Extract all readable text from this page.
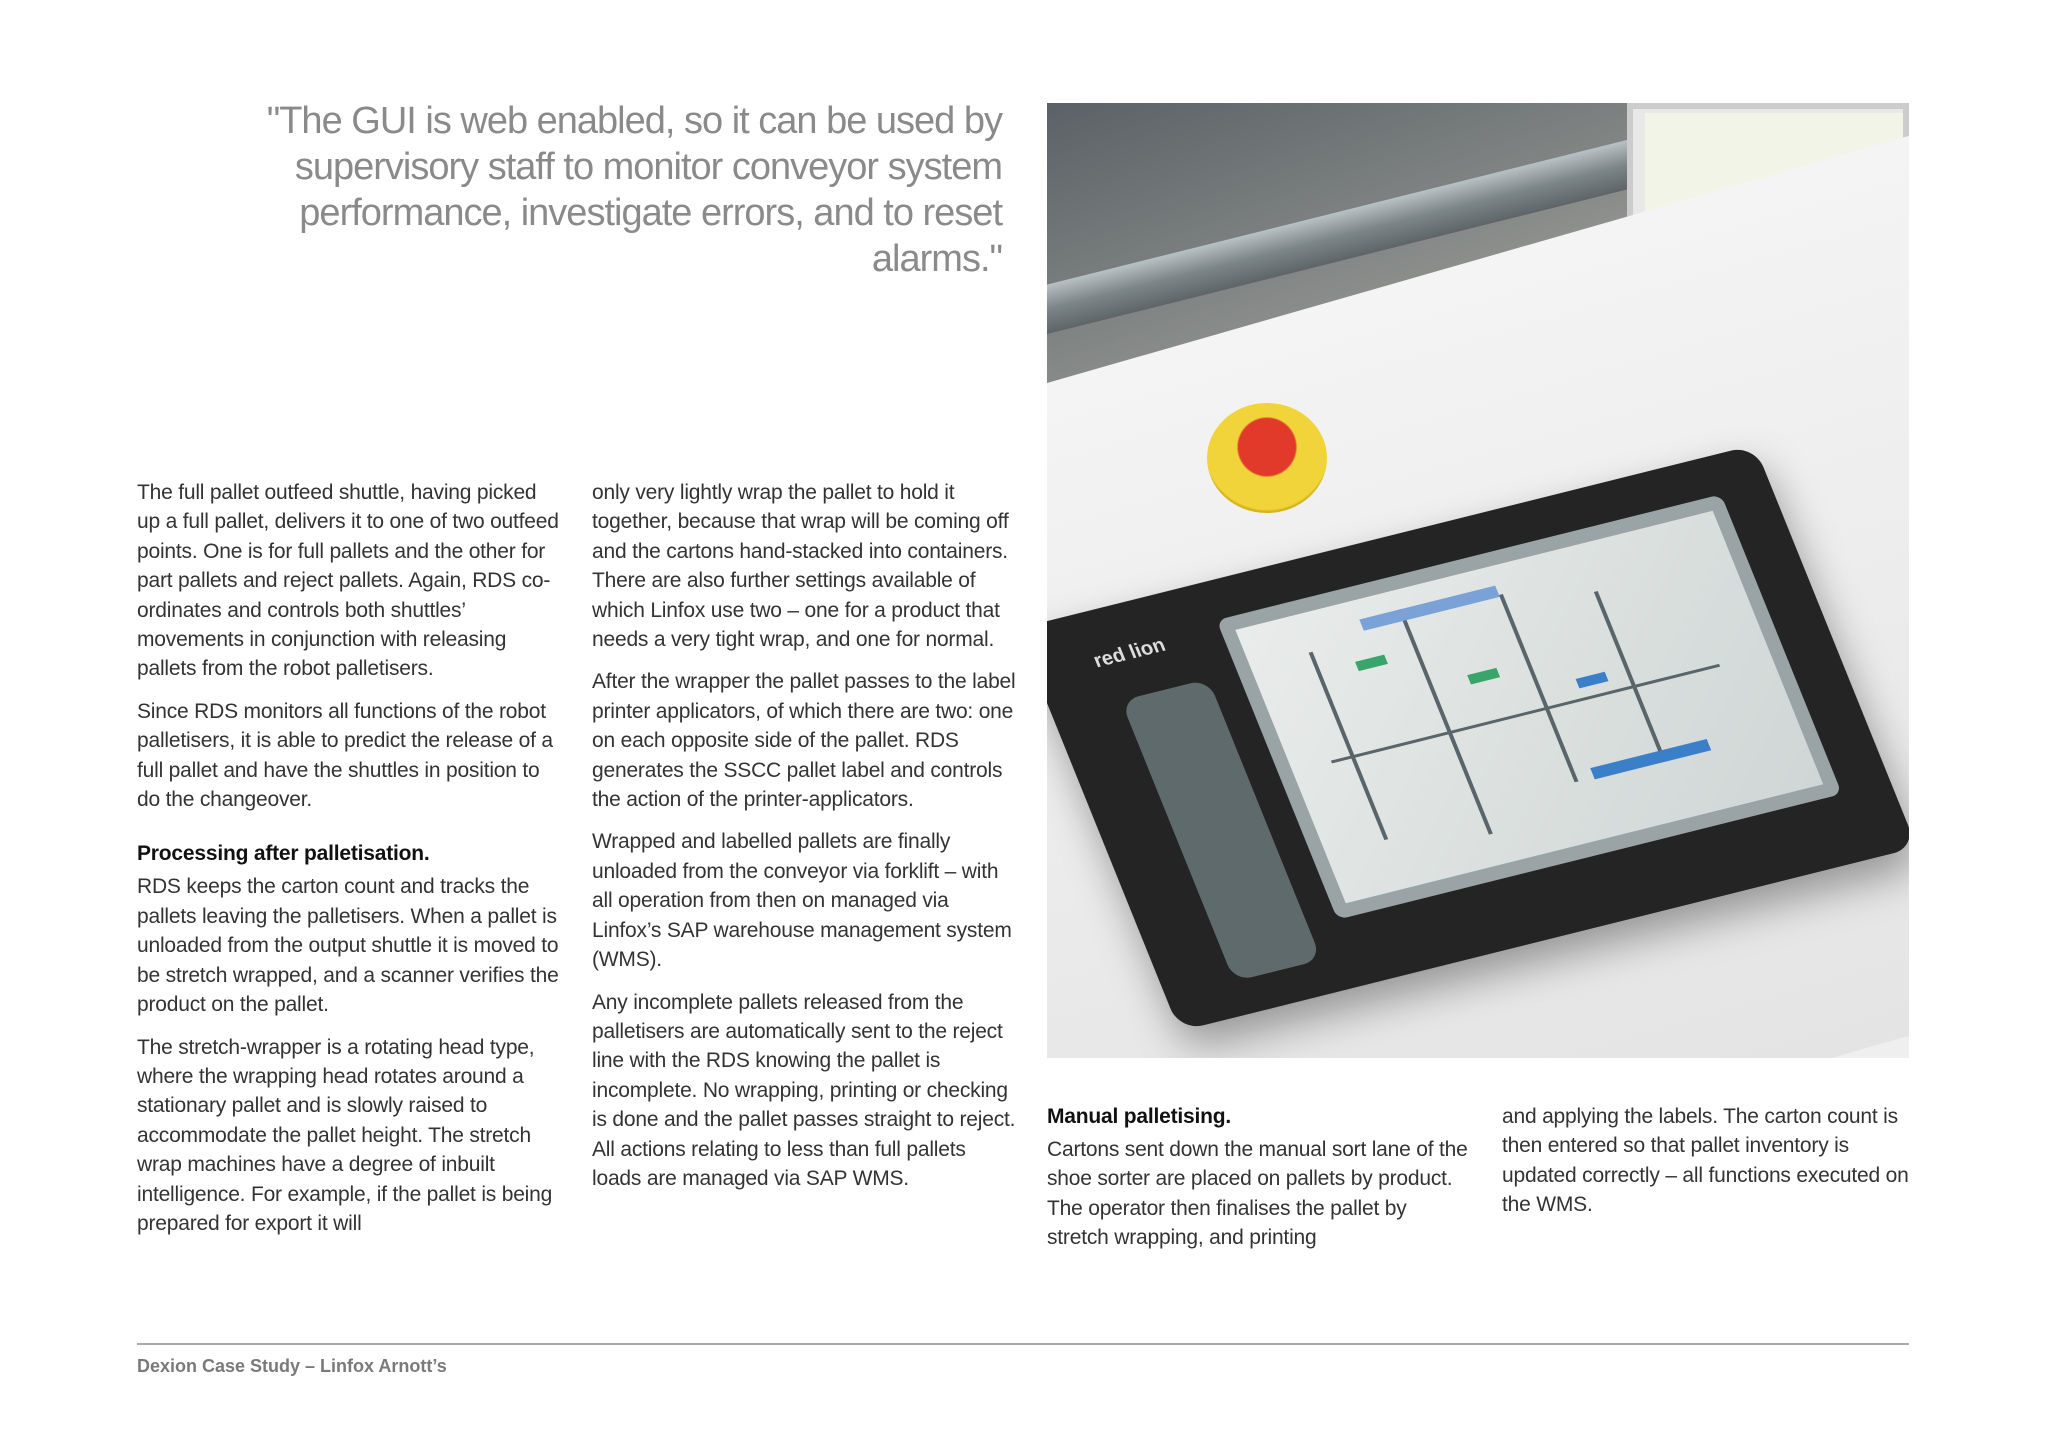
"The GUI is web enabled, so it can be used by
supervisory staff to monitor conveyor system
performance, investigate errors, and to reset alarms."

The full pallet outfeed shuttle, having picked up a full pallet, delivers it to one of two outfeed points. One is for full pallets and the other for part pallets and reject pallets. Again, RDS co-ordinates and controls both shuttles’ movements in conjunction with releasing pallets from the robot palletisers.

Since RDS monitors all functions of the robot palletisers, it is able to predict the release of a full pallet and have the shuttles in position to do the changeover.

Processing after palletisation.

RDS keeps the carton count and tracks the pallets leaving the palletisers. When a pallet is unloaded from the output shuttle it is moved to be stretch wrapped, and a scanner verifies the product on the pallet.

The stretch-wrapper is a rotating head type, where the wrapping head rotates around a stationary pallet and is slowly raised to accommodate the pallet height. The stretch wrap machines have a degree of inbuilt intelligence. For example, if the pallet is being prepared for export it will

only very lightly wrap the pallet to hold it together, because that wrap will be coming off and the cartons hand-stacked into containers. There are also further settings available of which Linfox use two – one for a product that needs a very tight wrap, and one for normal.

After the wrapper the pallet passes to the label printer applicators, of which there are two: one on each opposite side of the pallet. RDS generates the SSCC pallet label and controls the action of the printer-applicators.

Wrapped and labelled pallets are finally unloaded from the conveyor via forklift – with all operation from then on managed via Linfox’s SAP warehouse management system (WMS).

Any incomplete pallets released from the palletisers are automatically sent to the reject line with the RDS knowing the pallet is incomplete. No wrapping, printing or checking is done and the pallet passes straight to reject. All actions relating to less than full pallets loads are managed via SAP WMS.

red lion
Manual palletising.

Cartons sent down the manual sort lane of the shoe sorter are placed on pallets by product. The operator then finalises the pallet by stretch wrapping, and printing

and applying the labels. The carton count is then entered so that pallet inventory is updated correctly – all functions executed on the WMS.

Dexion Case Study – Linfox Arnott’s
